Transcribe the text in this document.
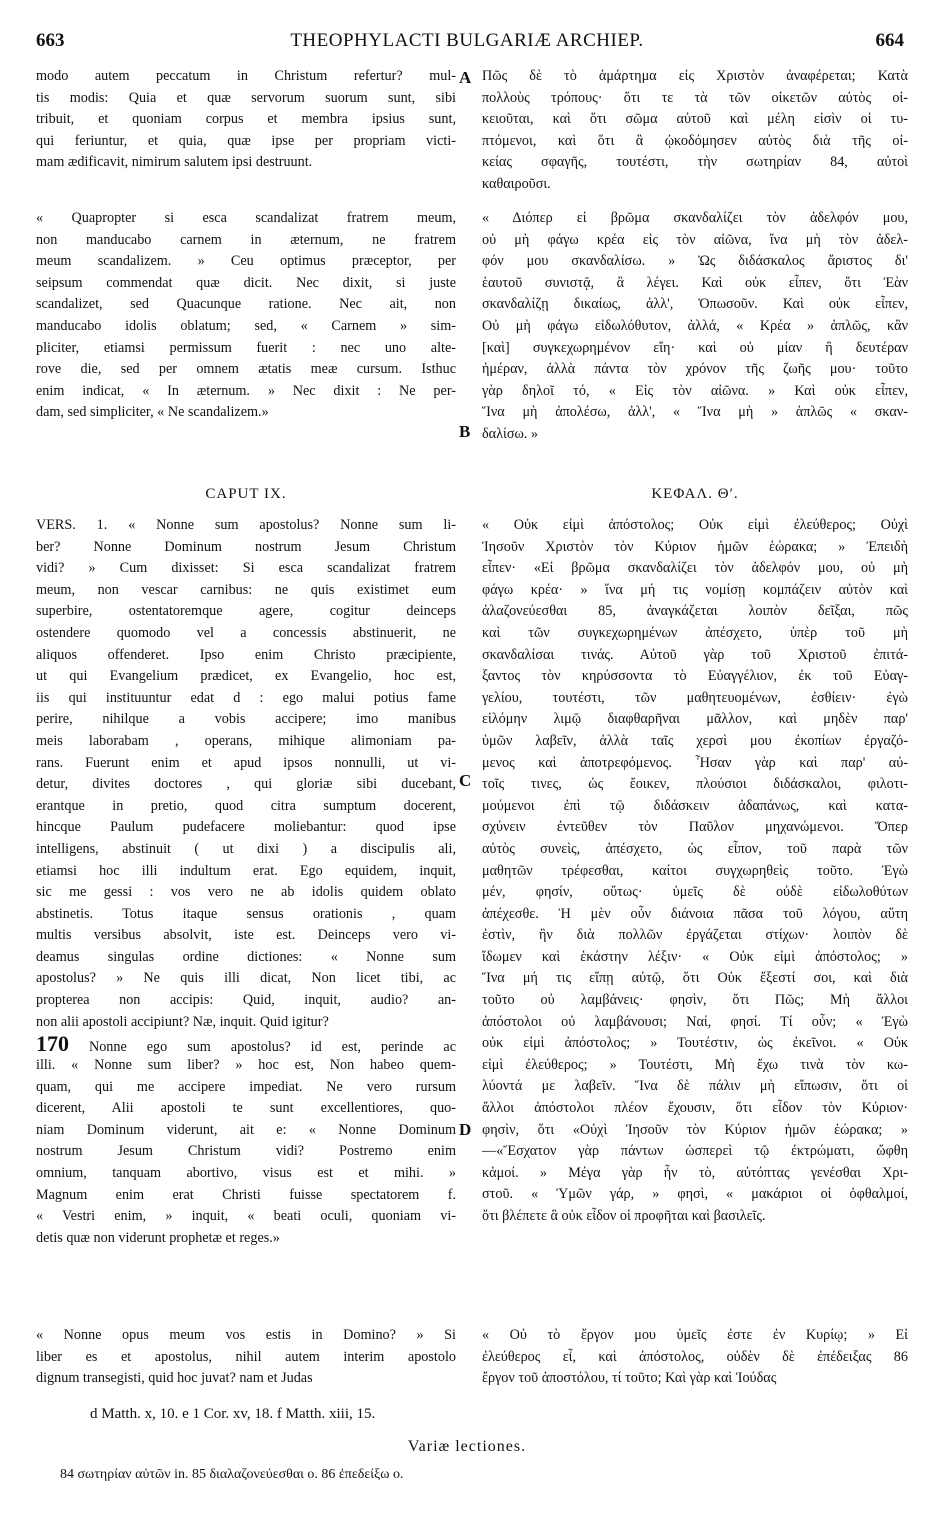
THEOPHYLACTI BULGARIÆ ARCHIEP.
663	664
A
B
C
D
modo autem peccatum in Christum refertur? mul-
tis modis: Quia et quæ servorum suorum sunt, sibi
tribuit, et quoniam corpus et membra ipsius sunt,
qui feriuntur, et quia, quæ ipse per propriam victi-
mam ædificavit, nimirum salutem ipsi destruunt.
« Quapropter si esca scandalizat fratrem meum,
non manducabo carnem in æternum, ne fratrem
meum scandalizem. » Ceu optimus præceptor, per
seipsum commendat quæ dicit. Nec dixit, si juste
scandalizet, sed Quacunque ratione. Nec ait, non
manducabo idolis oblatum; sed, « Carnem » sim-
pliciter, etiamsi permissum fuerit : nec uno alte-
rove die, sed per omnem ætatis meæ cursum. Isthuc
enim indicat, « In æternum. » Nec dixit : Ne per-
dam, sed simpliciter, « Ne scandalizem.»
CAPUT IX.
VERS. 1. « Nonne sum apostolus? Nonne sum li-
ber? Nonne Dominum nostrum Jesum Christum
vidi? » Cum dixisset: Si esca scandalizat fratrem
meum, non vescar carnibus: ne quis existimet eum
superbire, ostentatoremque agere, cogitur deinceps
ostendere quomodo vel a concessis abstinuerit, ne
aliquos offenderet. Ipso enim Christo præcipiente,
ut qui Evangelium prædicet, ex Evangelio, hoc est,
iis qui instituuntur edat d : ego malui potius fame
perire, nihilque a vobis accipere; imo manibus
meis laborabam , operans, mihique alimoniam pa-
rans. Fuerunt enim et apud ipsos nonnulli, ut vi-
detur, divites doctores , qui gloriæ sibi ducebant,
erantque in pretio, quod citra sumptum docerent,
hincque Paulum pudefacere moliebantur: quod ipse
intelligens, abstinuit ( ut dixi ) a discipulis ali,
etiamsi hoc illi indultum erat. Ego equidem, inquit,
sic me gessi : vos vero ne ab idolis quidem oblato
abstinetis. Totus itaque sensus orationis , quam
multis versibus absolvit, iste est. Deinceps vero vi-
deamus singulas ordine dictiones: « Nonne sum
apostolus? » Ne quis illi dicat, Non licet tibi, ac
propterea non accipis: Quid, inquit, audio? an-
non alii apostoli accipiunt? Næ, inquit. Quid igitur?
170 Nonne ego sum apostolus? id est, perinde ac
illi. « Nonne sum liber? » hoc est, Non habeo quem-
quam, qui me accipere impediat. Ne vero rursum
dicerent, Alii apostoli te sunt excellentiores, quo-
niam Dominum viderunt, ait e: « Nonne Dominum
nostrum Jesum Christum vidi? Postremo enim
omnium, tanquam abortivo, visus est et mihi. »
Magnum enim erat Christi fuisse spectatorem f.
« Vestri enim, » inquit, « beati oculi, quoniam vi-
detis quæ non viderunt prophetæ et reges.»
« Nonne opus meum vos estis in Domino? » Si
liber es et apostolus, nihil autem interim apostolo
dignum transegisti, quid hoc juvat? nam et Judas
Πῶς δὲ τὸ ἁμάρτημα εἰς Χριστὸν ἀναφέρεται; Κατὰ
πολλοὺς τρόπους· ὅτι τε τὰ τῶν οἰκετῶν αὐτὸς οἰ-
κειοῦται, καὶ ὅτι σῶμα αὐτοῦ καὶ μέλη εἰσὶν οἱ τυ-
πτόμενοι, καὶ ὅτι ἃ ᾠκοδόμησεν αὐτὸς διὰ τῆς οἰ-
κείας σφαγῆς, τουτέστι, τὴν σωτηρίαν 84, αὐτοὶ
καθαιροῦσι.
« Διόπερ εἰ βρῶμα σκανδαλίζει τὸν ἀδελφόν μου,
οὐ μὴ φάγω κρέα εἰς τὸν αἰῶνα, ἵνα μὴ τὸν ἀδελ-
φόν μου σκανδαλίσω. » Ὡς διδάσκαλος ἄριστος δι'
ἑαυτοῦ συνιστᾷ, ἃ λέγει. Καὶ οὐκ εἶπεν, ὅτι Ἐὰν
σκανδαλίζῃ δικαίως, ἀλλ', Ὁπωσοῦν. Καὶ οὐκ εἶπεν,
Οὐ μὴ φάγω εἰδωλόθυτον, ἀλλά, « Κρέα » ἁπλῶς, κἂν
[καὶ] συγκεχωρημένον εἴη· καὶ οὐ μίαν ἢ δευτέραν
ἡμέραν, ἀλλὰ πάντα τὸν χρόνον τῆς ζωῆς μου· τοῦτο
γὰρ δηλοῖ τό, « Εἰς τὸν αἰῶνα. » Καὶ οὐκ εἶπεν,
Ἵνα μὴ ἀπολέσω, ἀλλ', « Ἵνα μὴ » ἁπλῶς « σκαν-
δαλίσω. »
ΚΕΦΑΛ. Θʹ.
« Οὐκ εἰμὶ ἀπόστολος; Οὐκ εἰμὶ ἐλεύθερος; Οὐχὶ
Ἰησοῦν Χριστὸν τὸν Κύριον ἡμῶν ἑώρακα; » Ἐπειδὴ
εἶπεν· «Εἰ βρῶμα σκανδαλίζει τὸν ἀδελφόν μου, οὐ μὴ
φάγω κρέα· » ἵνα μή τις νομίσῃ κομπάζειν αὐτὸν καὶ
ἀλαζονεύεσθαι 85, ἀναγκάζεται λοιπὸν δεῖξαι, πῶς
καὶ τῶν συγκεχωρημένων ἀπέσχετο, ὑπὲρ τοῦ μὴ
σκανδαλίσαι τινάς. Αὐτοῦ γὰρ τοῦ Χριστοῦ ἐπιτά-
ξαντος τὸν κηρύσσοντα τὸ Εὐαγγέλιον, ἐκ τοῦ Εὐαγ-
γελίου, τουτέστι, τῶν μαθητευομένων, ἐσθίειν· ἐγὼ
εἱλόμην λιμῷ διαφθαρῆναι μᾶλλον, καὶ μηδὲν παρ'
ὑμῶν λαβεῖν, ἀλλὰ ταῖς χερσὶ μου ἐκοπίων ἐργαζό-
μενος καὶ ἀποτρεφόμενος. Ἦσαν γὰρ καὶ παρ' αὐ-
τοῖς τινες, ὡς ἔοικεν, πλούσιοι διδάσκαλοι, φιλοτι-
μούμενοι ἐπὶ τῷ διδάσκειν ἀδαπάνως, καὶ κατα-
σχύνειν ἐντεῦθεν τὸν Παῦλον μηχανώμενοι. Ὅπερ
αὐτὸς συνεὶς, ἀπέσχετο, ὡς εἶπον, τοῦ παρὰ τῶν
μαθητῶν τρέφεσθαι, καίτοι συγχωρηθεὶς τοῦτο. Ἐγὼ
μέν, φησίν, οὕτως· ὑμεῖς δὲ οὐδὲ εἰδωλοθύτων
ἀπέχεσθε. Ἡ μὲν οὖν διάνοια πᾶσα τοῦ λόγου, αὕτη
ἐστὶν, ἣν διὰ πολλῶν ἐργάζεται στίχων· λοιπὸν δὲ
ἴδωμεν καὶ ἑκάστην λέξιν· « Οὐκ εἰμὶ ἀπόστολος; »
Ἵνα μή τις εἴπῃ αὐτῷ, ὅτι Οὐκ ἔξεστί σοι, καὶ διὰ
τοῦτο οὐ λαμβάνεις· φησὶν, ὅτι Πῶς; Μὴ ἄλλοι
ἀπόστολοι οὐ λαμβάνουσι; Ναί, φησί. Τί οὖν; « Ἐγὼ
οὐκ εἰμὶ ἀπόστολος; » Τουτέστιν, ὡς ἐκεῖνοι. « Οὐκ
εἰμὶ ἐλεύθερος; » Τουτέστι, Μὴ ἔχω τινὰ τὸν κω-
λύοντά με λαβεῖν. Ἵνα δὲ πάλιν μὴ εἴπωσιν, ὅτι οἱ
ἄλλοι ἀπόστολοι πλέον ἔχουσιν, ὅτι εἶδον τὸν Κύριον·
φησὶν, ὅτι «Οὐχὶ Ἰησοῦν τὸν Κύριον ἡμῶν ἑώρακα; »
—«Ἔσχατον γὰρ πάντων ὡσπερεὶ τῷ ἐκτρώματι, ὤφθη
κἀμοί. » Μέγα γὰρ ἦν τὸ, αὐτόπτας γενέσθαι Χρι-
στοῦ. « Ὑμῶν γάρ, » φησὶ, « μακάριοι οἱ ὀφθαλμοί,
ὅτι βλέπετε ἃ οὐκ εἶδον οἱ προφῆται καὶ βασιλεῖς.
« Οὐ τὸ ἔργον μου ὑμεῖς ἐστε ἐν Κυρίῳ; » Εἰ
ἐλεύθερος εἶ, καὶ ἀπόστολος, οὐδὲν δὲ ἐπέδειξας 86
ἔργον τοῦ ἀποστόλου, τί τοῦτο; Καὶ γὰρ καὶ Ἰούδας
d Matth. x, 10. e 1 Cor. xv, 18. f Matth. xiii, 15.
Variæ lectiones.
84 σωτηρίαν αὐτῶν in. 85 διαλαζονεύεσθαι o. 86 ἐπεδείξω o.
